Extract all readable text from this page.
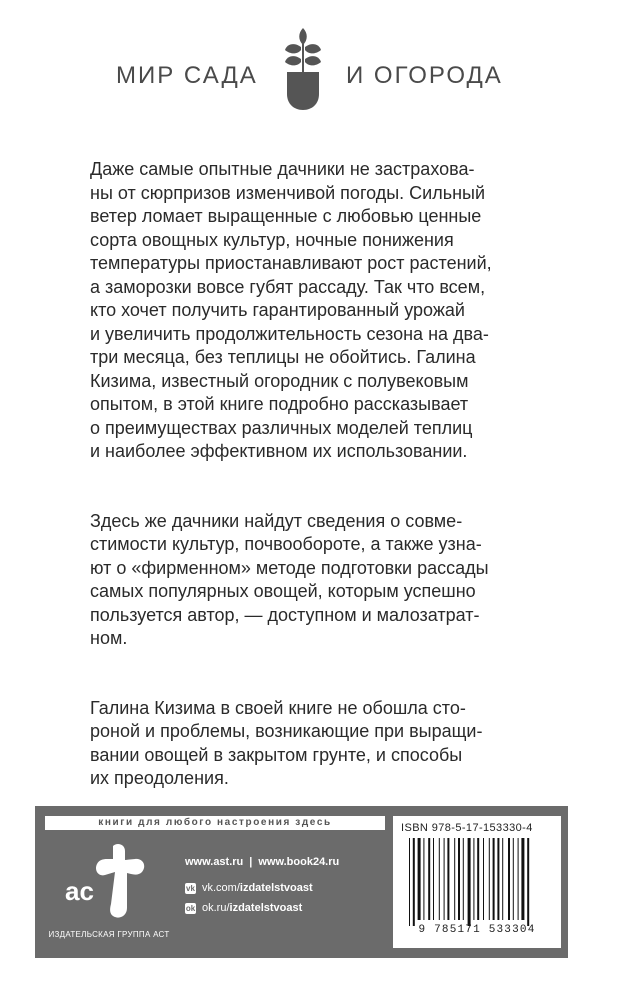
МИР САДА	И ОГОРОДА

Даже самые опытные дачники не застрахова-
ны от сюрпризов изменчивой погоды. Сильный
ветер ломает выращенные с любовью ценные
сорта овощных культур, ночные понижения
температуры приостанавливают рост растений,
а заморозки вовсе губят рассаду. Так что всем,
кто хочет получить гарантированный урожай
и увеличить продолжительность сезона на два-
три месяца, без теплицы не обойтись. Галина
Кизима, известный огородник с полувековым
опытом, в этой книге подробно рассказывает
о преимуществах различных моделей теплиц
и наиболее эффективном их использовании.

Здесь же дачники найдут сведения о совме-
стимости культур, почвообороте, а также узна-
ют о «фирменном» методе подготовки рассады
самых популярных овощей, которым успешно
пользуется автор, — доступном и малозатрат-
ном.

Галина Кизима в своей книге не обошла сто-
роной и проблемы, возникающие при выращи-
вании овощей в закрытом грунте, и способы
их преодоления.

книги для любого настроения здесь
ac
ИЗДАТЕЛЬСКАЯ ГРУППА АСТ
www.ast.ru | www.book24.ru
vk vk.com/ izdatelstvoast
ok ok.ru/ izdatelstvoast
ISBN 978-5-17-153330-4
9 785171 533304
